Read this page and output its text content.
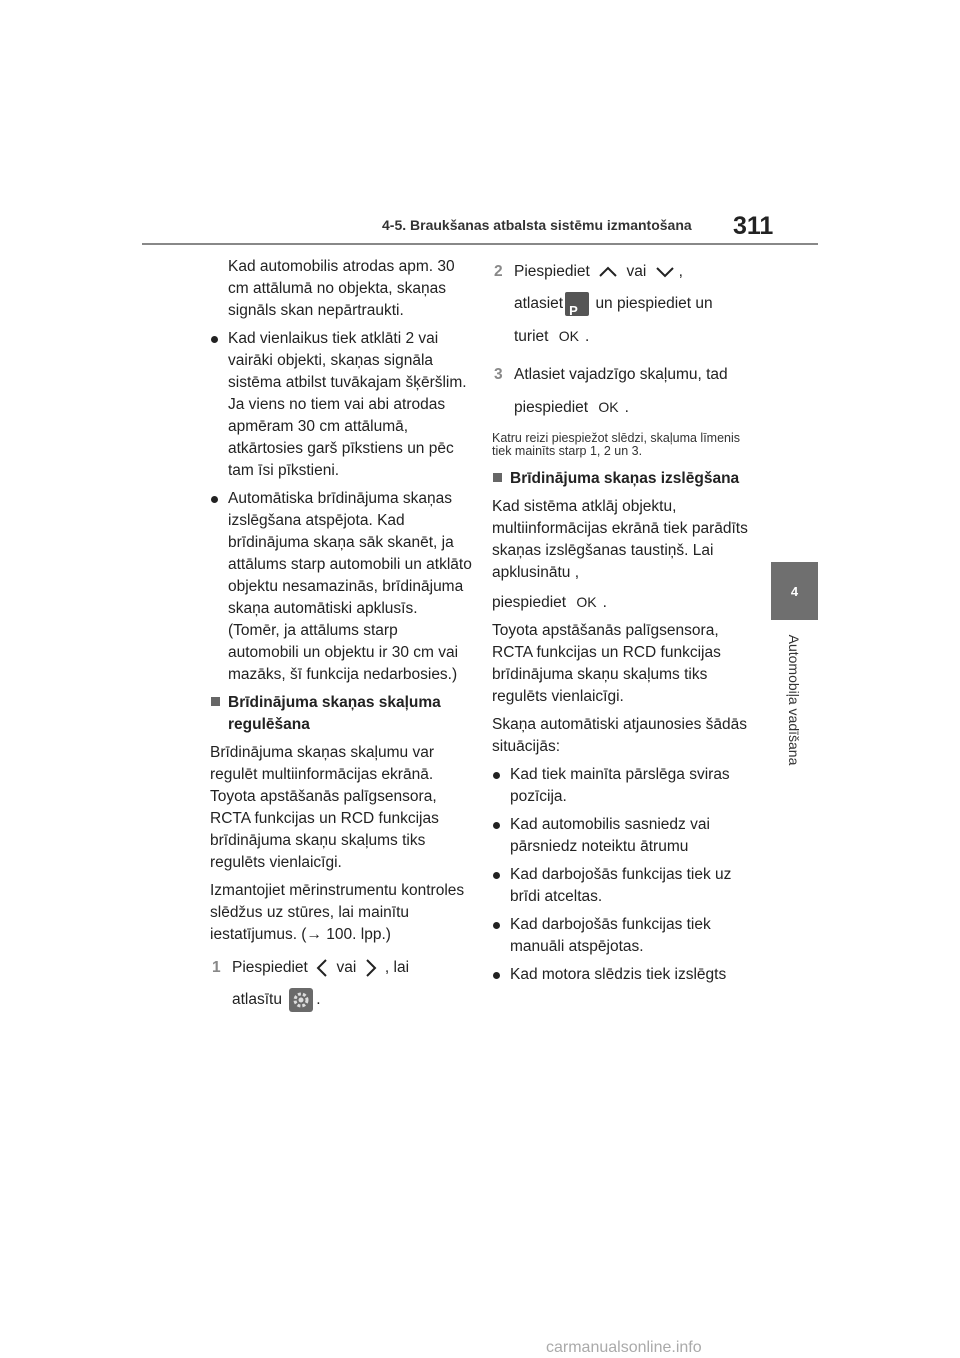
4-5. Braukšanas atbalsta sistēmu izmantošana 311
4
Automobiļa vadīšana

Kad automobilis atrodas apm. 30 cm attālumā no objekta, skaņas signāls skan nepārtraukti.

Kad vienlaikus tiek atklāti 2 vai vairāki objekti, skaņas signāla sistēma atbilst tuvākajam šķēršlim. Ja viens no tiem vai abi atrodas apmēram 30 cm attālumā, atkārtosies garš pīkstiens un pēc tam īsi pīkstieni.
Automātiska brīdinājuma skaņas izslēgšana atspējota. Kad brīdinājuma skaņa sāk skanēt, ja attālums starp automobili un atklāto objektu nesamazinās, brīdinājuma skaņa automātiski apklusīs. (Tomēr, ja attālums starp automobili un objektu ir 30 cm vai mazāks, šī funkcija nedarbosies.)
Brīdinājuma skaņas skaļuma regulēšana

Brīdinājuma skaņas skaļumu var regulēt multiinformācijas ekrānā. Toyota apstāšanās palīgsensora, RCTA funkcijas un RCD funkcijas brīdinājuma skaņu skaļums tiks regulēts vienlaicīgi.

Izmantojiet mērinstrumentu kontroles slēdžus uz stūres, lai mainītu iestatījumus. (→ 100. lpp.)

1 Piespiediet vai , lai
atlasītu .
2 Piespiediet vai ,
atlasiet P un piespiediet un
turiet OK .
3 Atlasiet vajadzīgo skaļumu, tad
piespiediet OK .

Katru reizi piespiežot slēdzi, skaļuma līmenis tiek mainīts starp 1, 2 un 3.

Brīdinājuma skaņas izslēgšana

Kad sistēma atklāj objektu, multiinformācijas ekrānā tiek parādīts skaņas izslēgšanas taustiņš. Lai apklusinātu ,
piespiediet OK .

Toyota apstāšanās palīgsensora, RCTA funkcijas un RCD funkcijas brīdinājuma skaņu skaļums tiks regulēts vienlaicīgi.

Skaņa automātiski atjaunosies šādās situācijās:

Kad tiek mainīta pārslēga sviras pozīcija.
Kad automobilis sasniedz vai pārsniedz noteiktu ātrumu
Kad darbojošās funkcijas tiek uz brīdi atceltas.
Kad darbojošās funkcijas tiek manuāli atspējotas.
Kad motora slēdzis tiek izslēgts
carmanualsonline.info
